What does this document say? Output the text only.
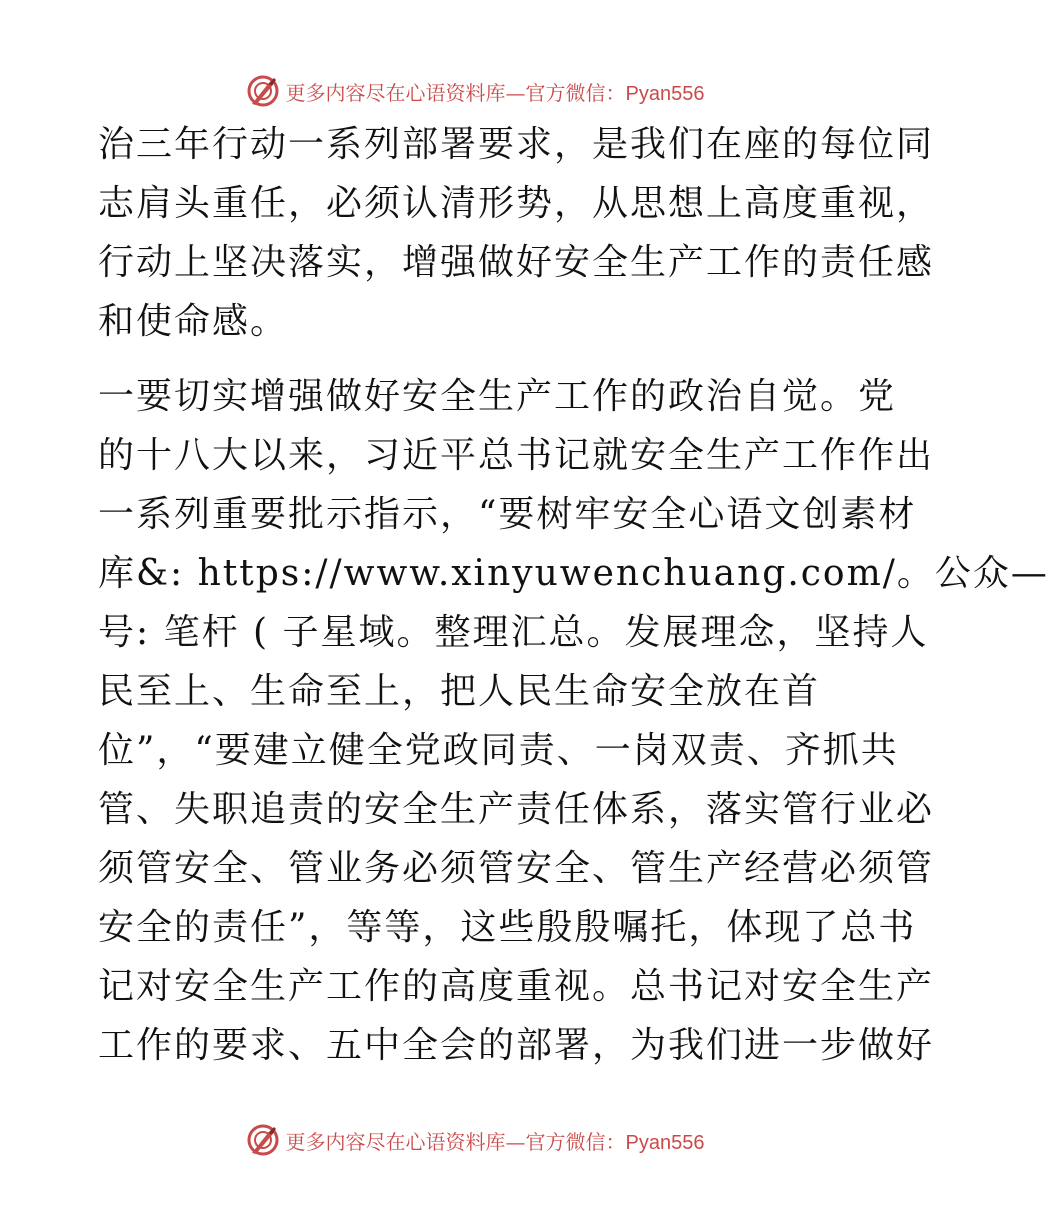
更多内容尽在心语资料库—官方微信：Pyan556
治三年行动一系列部署要求，是我们在座的每位同
志肩头重任，必须认清形势，从思想上高度重视，
行动上坚决落实，增强做好安全生产工作的责任感
和使命感。
一要切实增强做好安全生产工作的政治自觉。党
的十八大以来，习近平总书记就安全生产工作作出
一系列重要批示指示，“要树牢安全心语文创素材
库&: https://www.xinyuwenchuang.com/。公众—
号: 笔杆 ( 子星域。整理汇总。发展理念，坚持人
民至上、生命至上，把人民生命安全放在首
位”，“要建立健全党政同责、一岗双责、齐抓共
管、失职追责的安全生产责任体系，落实管行业必
须管安全、管业务必须管安全、管生产经营必须管
安全的责任”，等等，这些殷殷嘱托，体现了总书
记对安全生产工作的高度重视。总书记对安全生产
工作的要求、五中全会的部署，为我们进一步做好
更多内容尽在心语资料库—官方微信：Pyan556
